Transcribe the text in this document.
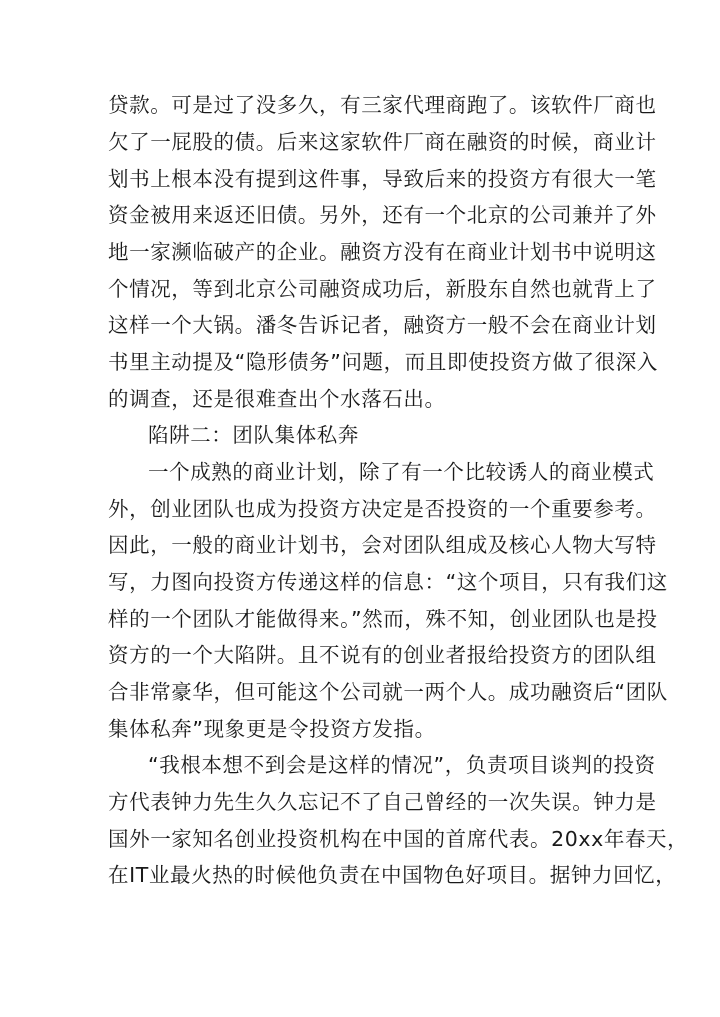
贷款。可是过了没多久，有三家代理商跑了。该软件厂商也
欠了一屁股的债。后来这家软件厂商在融资的时候，商业计
划书上根本没有提到这件事，导致后来的投资方有很大一笔
资金被用来返还旧债。另外，还有一个北京的公司兼并了外
地一家濒临破产的企业。融资方没有在商业计划书中说明这
个情况，等到北京公司融资成功后，新股东自然也就背上了
这样一个大锅。潘冬告诉记者，融资方一般不会在商业计划
书里主动提及“隐形债务”问题，而且即使投资方做了很深入
的调查，还是很难查出个水落石出。
陷阱二：团队集体私奔
一个成熟的商业计划，除了有一个比较诱人的商业模式
外，创业团队也成为投资方决定是否投资的一个重要参考。
因此，一般的商业计划书，会对团队组成及核心人物大写特
写，力图向投资方传递这样的信息：“这个项目，只有我们这
样的一个团队才能做得来。”然而，殊不知，创业团队也是投
资方的一个大陷阱。且不说有的创业者报给投资方的团队组
合非常豪华，但可能这个公司就一两个人。成功融资后“团队
集体私奔”现象更是令投资方发指。
“我根本想不到会是这样的情况”，负责项目谈判的投资
方代表钟力先生久久忘记不了自己曾经的一次失误。钟力是
国外一家知名创业投资机构在中国的首席代表。20xx年春天，
在IT业最火热的时候他负责在中国物色好项目。据钟力回忆，
